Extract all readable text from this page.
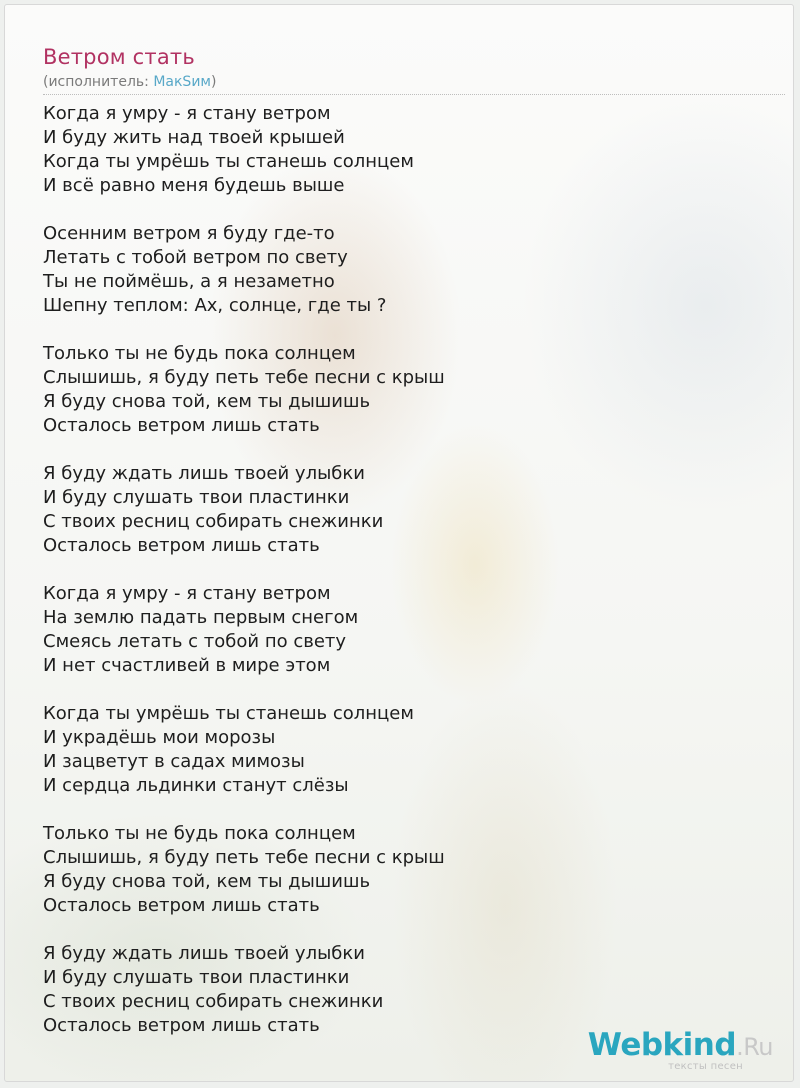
Ветром стать
(исполнитель: МакSим)
Когда я умру - я стану ветром
И буду жить над твоей крышей
Когда ты умрёшь ты станешь солнцем
И всё равно меня будешь выше
Осенним ветром я буду где-то
Летать с тобой ветром по свету
Ты не поймёшь, а я незаметно
Шепну теплом: Ах, солнце, где ты ?
Только ты не будь пока солнцем
Слышишь, я буду петь тебе песни с крыш
Я буду снова той, кем ты дышишь
Осталось ветром лишь стать
Я буду ждать лишь твоей улыбки
И буду слушать твои пластинки
С твоих ресниц собирать снежинки
Осталось ветром лишь стать
Когда я умру - я стану ветром
На землю падать первым снегом
Смеясь летать с тобой по свету
И нет счастливей в мире этом
Когда ты умрёшь ты станешь солнцем
И украдёшь мои морозы
И зацветут в садах мимозы
И сердца льдинки станут слёзы
Только ты не будь пока солнцем
Слышишь, я буду петь тебе песни с крыш
Я буду снова той, кем ты дышишь
Осталось ветром лишь стать
Я буду ждать лишь твоей улыбки
И буду слушать твои пластинки
С твоих ресниц собирать снежинки
Осталось ветром лишь стать
Webkind.Ru
тексты песен
